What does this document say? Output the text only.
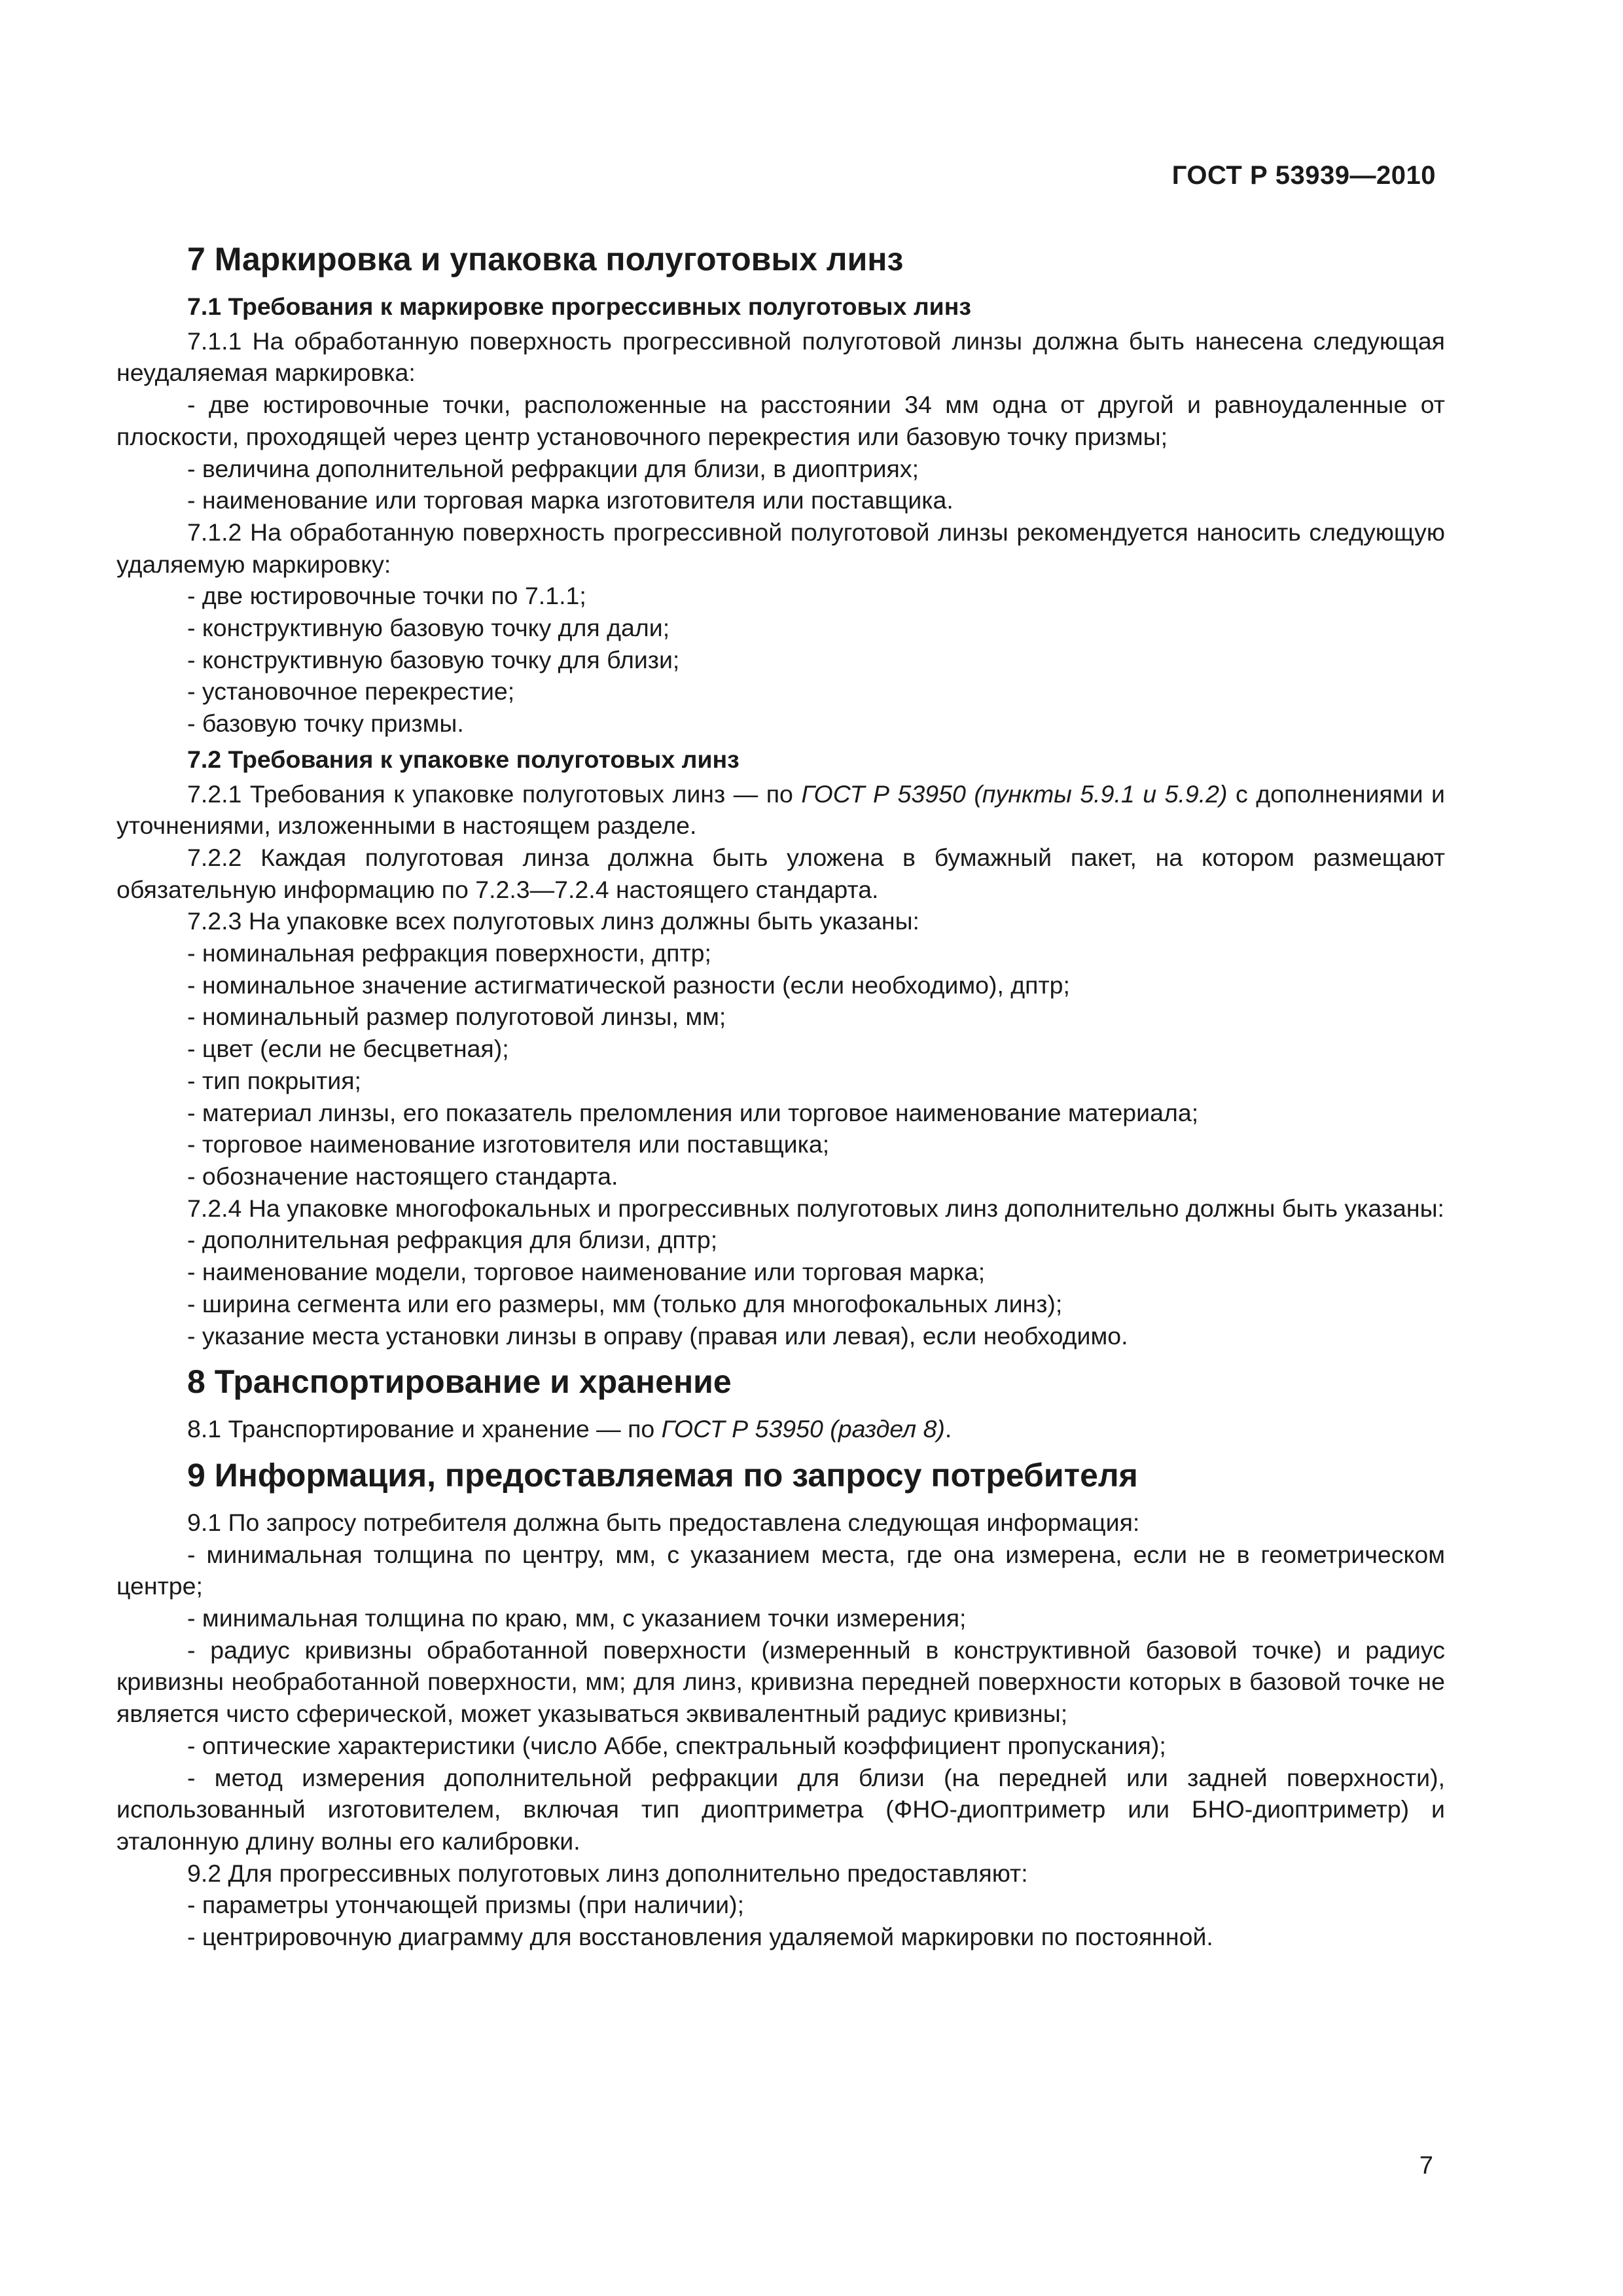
ГОСТ Р 53939—2010
7 Маркировка и упаковка полуготовых линз
7.1 Требования к маркировке прогрессивных полуготовых линз
7.1.1 На обработанную поверхность прогрессивной полуготовой линзы должна быть нанесена следующая неудаляемая маркировка:
- две юстировочные точки, расположенные на расстоянии 34 мм одна от другой и равноудаленные от плоскости, проходящей через центр установочного перекрестия или базовую точку призмы;
- величина дополнительной рефракции для близи, в диоптриях;
- наименование или торговая марка изготовителя или поставщика.
7.1.2 На обработанную поверхность прогрессивной полуготовой линзы рекомендуется наносить следующую удаляемую маркировку:
- две юстировочные точки по 7.1.1;
- конструктивную базовую точку для дали;
- конструктивную базовую точку для близи;
- установочное перекрестие;
- базовую точку призмы.
7.2 Требования к упаковке полуготовых линз
7.2.1 Требования к упаковке полуготовых линз — по ГОСТ Р 53950 (пункты 5.9.1 и 5.9.2) с дополнениями и уточнениями, изложенными в настоящем разделе.
7.2.2 Каждая полуготовая линза должна быть уложена в бумажный пакет, на котором размещают обязательную информацию по 7.2.3—7.2.4 настоящего стандарта.
7.2.3 На упаковке всех полуготовых линз должны быть указаны:
- номинальная рефракция поверхности, дптр;
- номинальное значение астигматической разности (если необходимо), дптр;
- номинальный размер полуготовой линзы, мм;
- цвет (если не бесцветная);
- тип покрытия;
- материал линзы, его показатель преломления или торговое наименование материала;
- торговое наименование изготовителя или поставщика;
- обозначение настоящего стандарта.
7.2.4 На упаковке многофокальных и прогрессивных полуготовых линз дополнительно должны быть указаны:
- дополнительная рефракция для близи, дптр;
- наименование модели, торговое наименование или торговая марка;
- ширина сегмента или его размеры, мм (только для многофокальных линз);
- указание места установки линзы в оправу (правая или левая), если необходимо.
8 Транспортирование и хранение
8.1 Транспортирование и хранение — по ГОСТ Р 53950 (раздел 8).
9 Информация, предоставляемая по запросу потребителя
9.1 По запросу потребителя должна быть предоставлена следующая информация:
- минимальная толщина по центру, мм, с указанием места, где она измерена, если не в геометрическом центре;
- минимальная толщина по краю, мм, с указанием точки измерения;
- радиус кривизны обработанной поверхности (измеренный в конструктивной базовой точке) и радиус кривизны необработанной поверхности, мм; для линз, кривизна передней поверхности которых в базовой точке не является чисто сферической, может указываться эквивалентный радиус кривизны;
- оптические характеристики (число Аббе, спектральный коэффициент пропускания);
- метод измерения дополнительной рефракции для близи (на передней или задней поверхности), использованный изготовителем, включая тип диоптриметра (ФНО-диоптриметр или БНО-диоптриметр) и эталонную длину волны его калибровки.
9.2 Для прогрессивных полуготовых линз дополнительно предоставляют:
- параметры утончающей призмы (при наличии);
- центрировочную диаграмму для восстановления удаляемой маркировки по постоянной.
7
